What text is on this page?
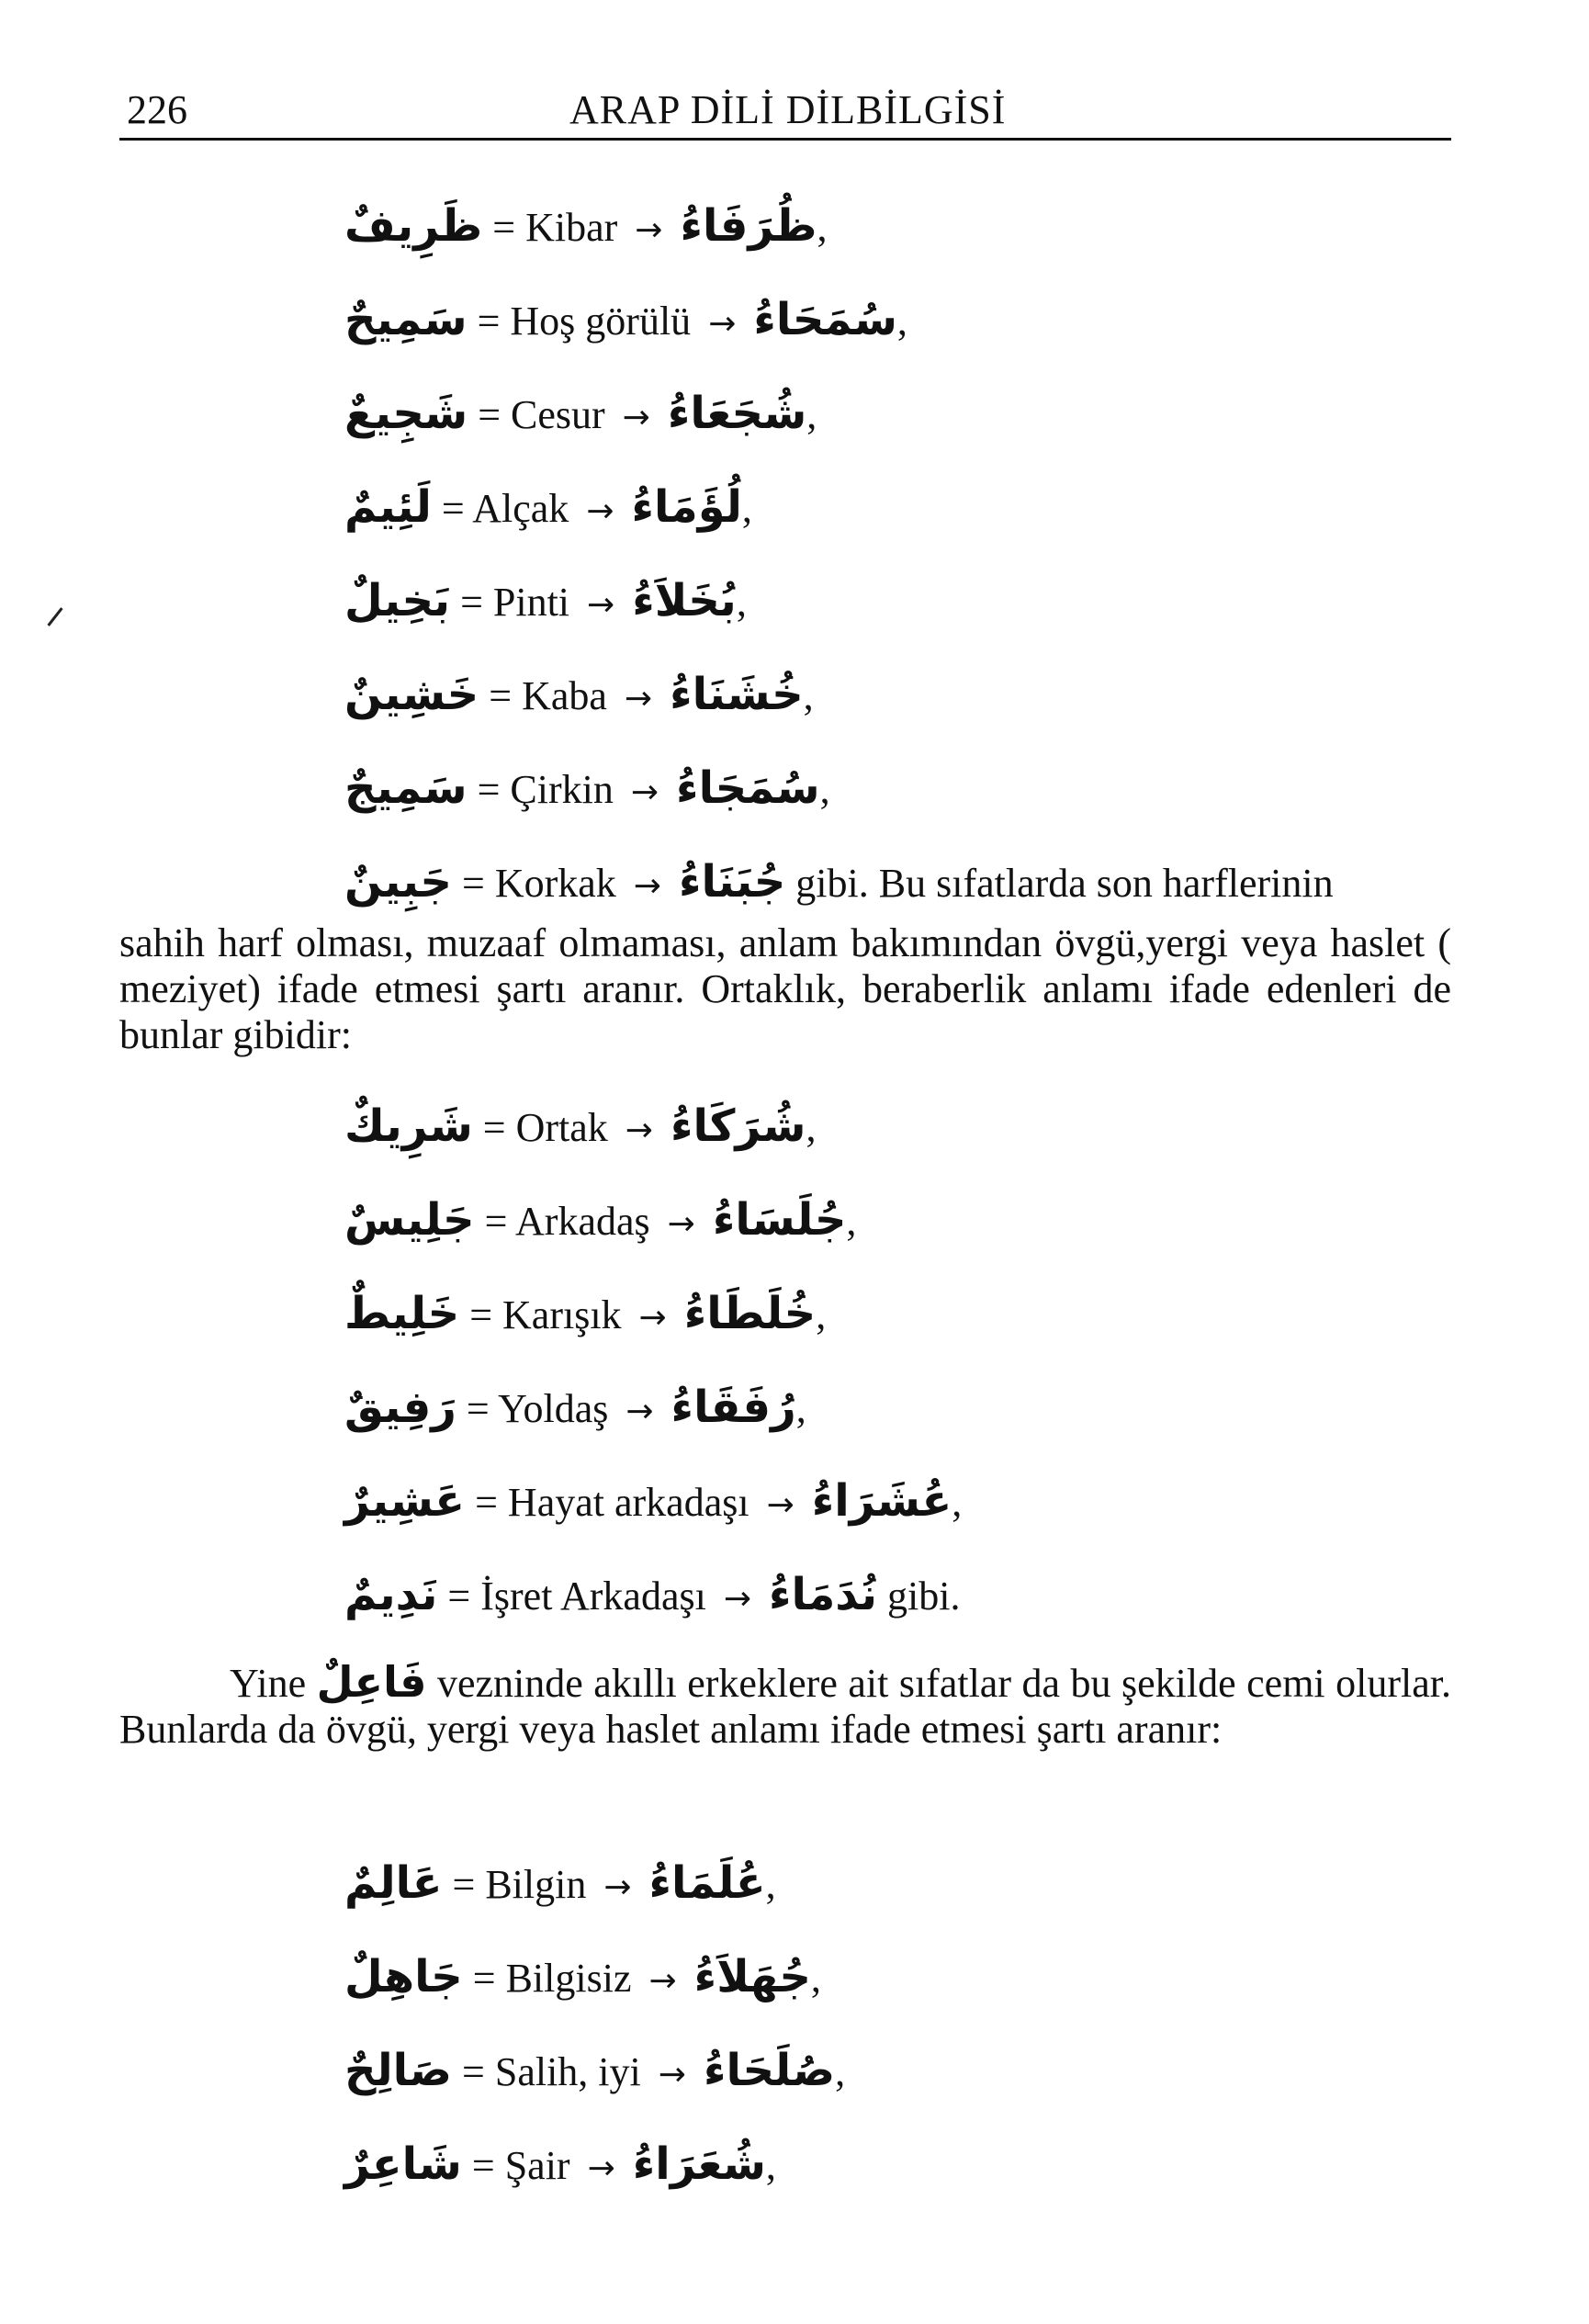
226	ARAP DİLİ DİLBİLGİSİ
ظَرِيفٌ = Kibar → ظُرَفَاءُ,
سَمِيحٌ = Hoş görülü → سُمَحَاءُ,
شَجِيعٌ = Cesur → شُجَعَاءُ,
لَئِيمٌ = Alçak → لُؤَمَاءُ,
بَخِيلٌ = Pinti → بُخَلاَءُ,
خَشِينٌ = Kaba → خُشَنَاءُ,
سَمِيجٌ = Çirkin → سُمَجَاءُ,
جَبِينٌ = Korkak → جُبَنَاءُ gibi. Bu sıfatlarda son harflerinin
sahih harf olması, muzaaf olmaması, anlam bakımından övgü,yergi veya haslet ( meziyet) ifade etmesi şartı aranır. Ortaklık, beraberlik anlamı ifade edenleri de bunlar gibidir:
شَرِيكٌ = Ortak → شُرَكَاءُ,
جَلِيسٌ = Arkadaş → جُلَسَاءُ,
خَلِيطٌ = Karışık → خُلَطَاءُ,
رَفِيقٌ = Yoldaş → رُفَقَاءُ,
عَشِيرٌ = Hayat arkadaşı → عُشَرَاءُ,
نَدِيمٌ = İşret Arkadaşı → نُدَمَاءُ gibi.
Yine فَاعِلٌ vezninde akıllı erkeklere ait sıfatlar da bu şekilde cemi olurlar. Bunlarda da övgü, yergi veya haslet anlamı ifade etmesi şartı aranır:
عَالِمٌ = Bilgin → عُلَمَاءُ,
جَاهِلٌ = Bilgisiz → جُهَلاَءُ,
صَالِحٌ = Salih, iyi → صُلَحَاءُ,
شَاعِرٌ = Şair → شُعَرَاءُ,
